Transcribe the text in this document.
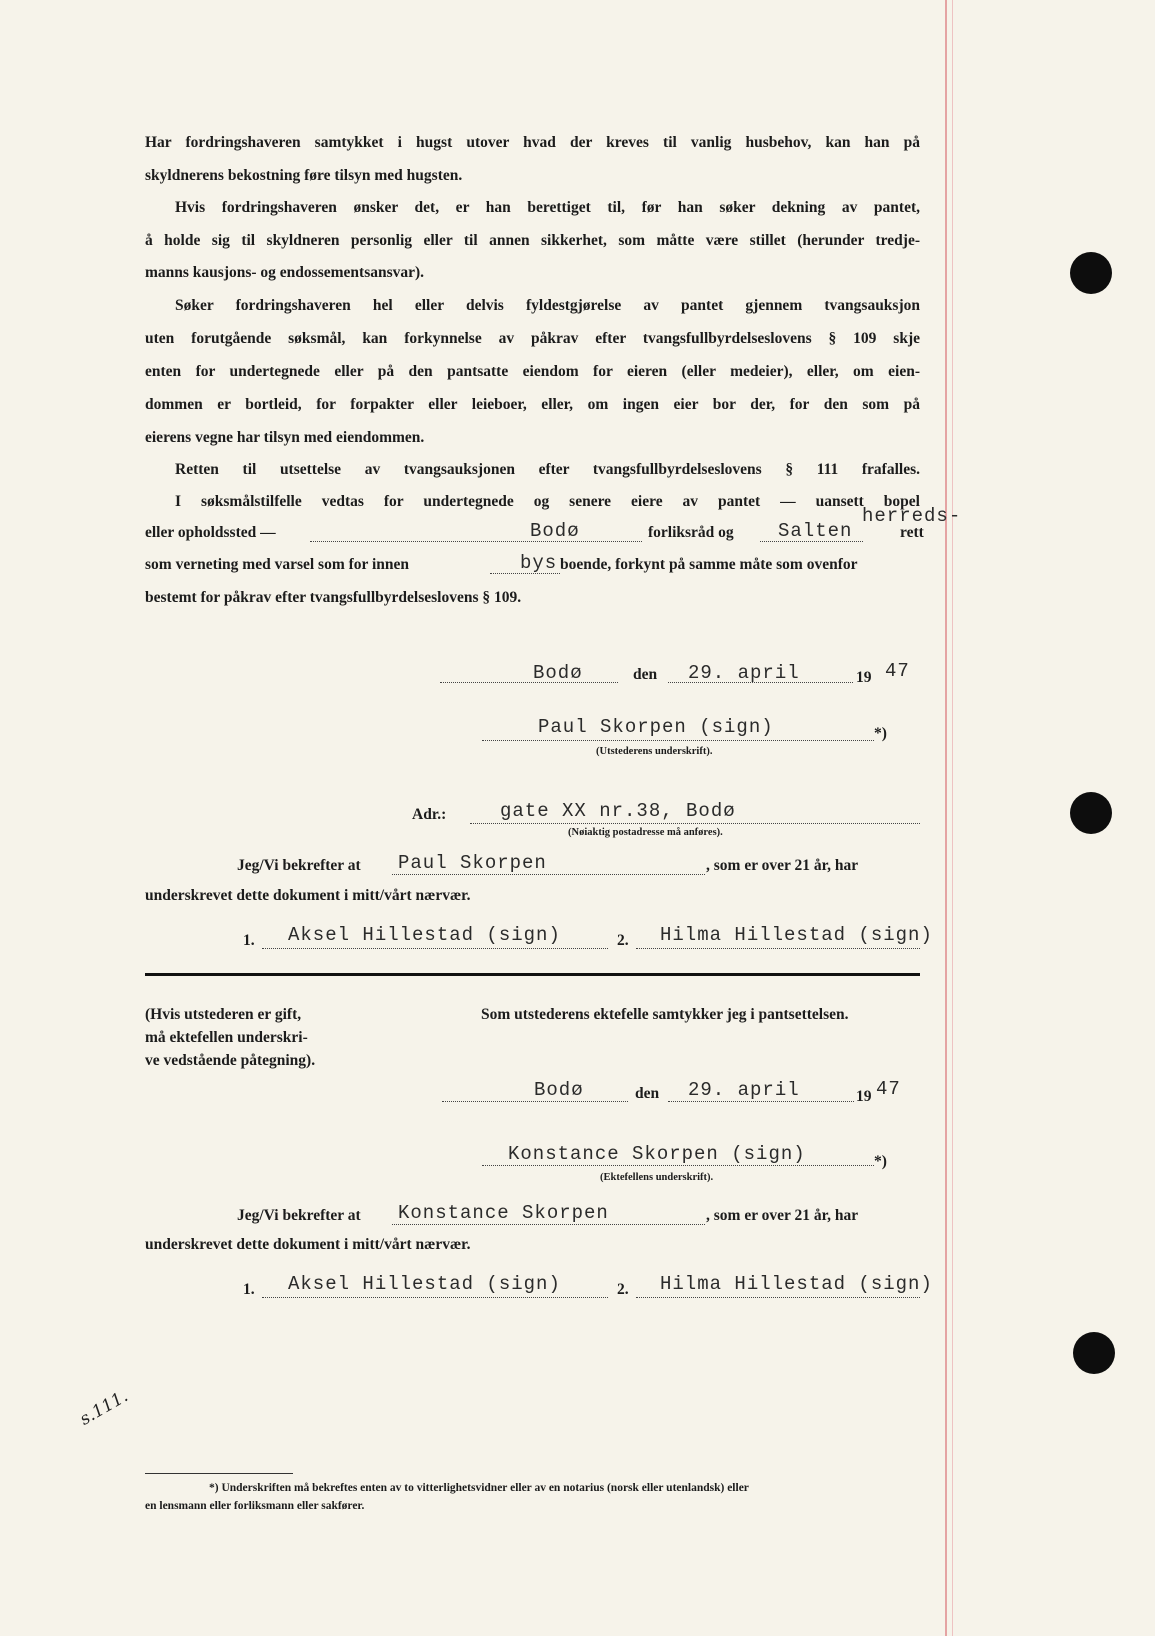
Har fordringshaveren samtykket i hugst utover hvad der kreves til vanlig husbehov, kan han på
skyldnerens bekostning føre tilsyn med hugsten.
Hvis fordringshaveren ønsker det, er han berettiget til, før han søker dekning av pantet,
å holde sig til skyldneren personlig eller til annen sikkerhet, som måtte være stillet (herunder tredje-
manns kausjons- og endossementsansvar).
Søker fordringshaveren hel eller delvis fyldestgjørelse av pantet gjennem tvangsauksjon
uten forutgående søksmål, kan forkynnelse av påkrav efter tvangsfullbyrdelseslovens § 109 skje
enten for undertegnede eller på den pantsatte eiendom for eieren (eller medeier), eller, om eien-
dommen er bortleid, for forpakter eller leieboer, eller, om ingen eier bor der, for den som på
eierens vegne har tilsyn med eiendommen.
Retten til utsettelse av tvangsauksjonen efter tvangsfullbyrdelseslovens § 111 frafalles.
I søksmålstilfelle vedtas for undertegnede og senere eiere av pantet — uansett bopel
eller opholdssted —	Bodø	forliksråd og Salten
herreds-
rett
som verneting med varsel som for innen	bys boende, forkynt på samme måte som ovenfor
bestemt for påkrav efter tvangsfullbyrdelseslovens § 109.
Bodø	den 29. april	19 47
Paul Skorpen (sign)	*)
(Utstederens underskrift).
Adr.:	gate XX nr.38, Bodø
(Nøiaktig postadresse må anføres).
Jeg/Vi bekrefter at Paul Skorpen	, som er over 21 år, har
underskrevet dette dokument i mitt/vårt nærvær.
1. Aksel Hillestad (sign)	2. Hilma Hillestad (sign)
(Hvis utstederen er gift,
må ektefellen underskri-
ve vedstående påtegning).
Som utstederens ektefelle samtykker jeg i pantsettelsen.
Bodø	den 29. april	19 47
Konstance Skorpen (sign)	*)
(Ektefellens underskrift).
Jeg/Vi bekrefter at Konstance Skorpen	, som er over 21 år, har
underskrevet dette dokument i mitt/vårt nærvær.
1. Aksel Hillestad (sign)	2. Hilma Hillestad (sign)
s.111.
*) Underskriften må bekreftes enten av to vitterlighetsvidner eller av en notarius (norsk eller utenlandsk) eller
en lensmann eller forliksmann eller sakfører.
